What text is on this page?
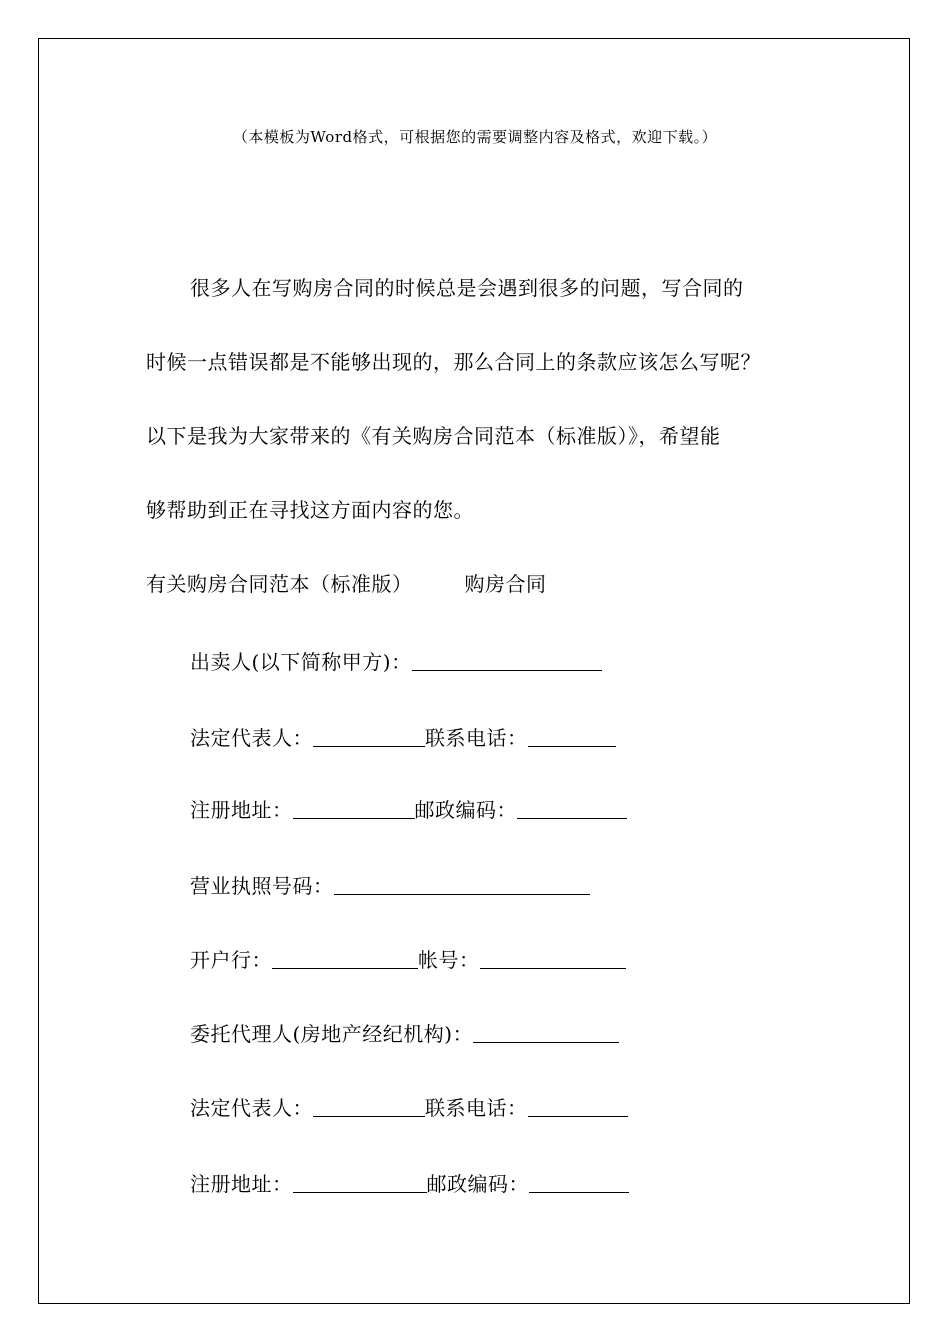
（本模板为Word格式，可根据您的需要调整内容及格式，欢迎下载。）
很多人在写购房合同的时候总是会遇到很多的问题，写合同的
时候一点错误都是不能够出现的，那么合同上的条款应该怎么写呢？
以下是我为大家带来的《有关购房合同范本（标准版）》，希望能
够帮助到正在寻找这方面内容的您。
有关购房合同范本（标准版）	购房合同
出卖人(以下简称甲方)：
法定代表人：	联系电话：
注册地址：	邮政编码：
营业执照号码：
开户行：	帐号：
委托代理人(房地产经纪机构)：
法定代表人：	联系电话：
注册地址：	邮政编码：
